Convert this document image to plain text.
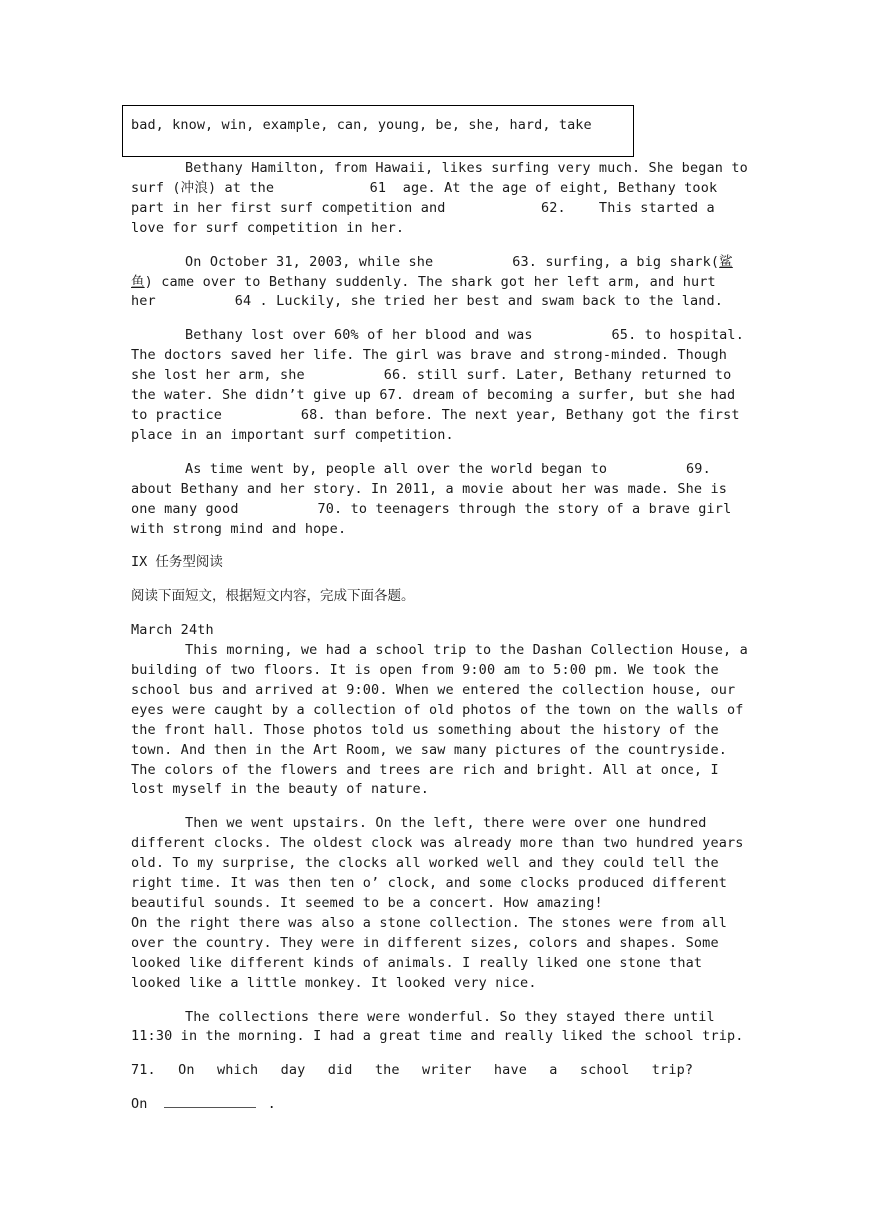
bad, know, win, example, can, young, be, she, hard, take

Bethany Hamilton, from Hawaii, likes surfing very much. She began to surf (冲浪) at the	61 age. At the age of eight, Bethany took part in her first surf competition and	62. This started a love for surf competition in her.

On October 31, 2003, while she	63. surfing, a big shark(鲨鱼) came over to Bethany suddenly. The shark got her left arm, and hurt her	64 . Luckily, she tried her best and swam back to the land.

Bethany lost over 60% of her blood and was	65. to hospital. The doctors saved her life. The girl was brave and strong-minded. Though she lost her arm, she	66. still surf. Later, Bethany returned to the water. She didn’t give up 67. dream of becoming a surfer, but she had to practice	68. than before. The next year, Bethany got the first place in an important surf competition.

As time went by, people all over the world began to	69. about Bethany and her story. In 2011, a movie about her was made. She is one many good	70. to teenagers through the story of a brave girl with strong mind and hope.

IX 任务型阅读

阅读下面短文，根据短文内容，完成下面各题。

March 24th

This morning, we had a school trip to the Dashan Collection House, a building of two floors. It is open from 9:00 am to 5:00 pm. We took the school bus and arrived at 9:00. When we entered the collection house, our eyes were caught by a collection of old photos of the town on the walls of the front hall. Those photos told us something about the history of the town. And then in the Art Room, we saw many pictures of the countryside. The colors of the flowers and trees are rich and bright. All at once, I lost myself in the beauty of nature.

Then we went upstairs. On the left, there were over one hundred different clocks. The oldest clock was already more than two hundred years old. To my surprise, the clocks all worked well and they could tell the right time. It was then ten o’ clock, and some clocks produced different beautiful sounds. It seemed to be a concert. How amazing!

On the right there was also a stone collection. The stones were from all over the country. They were in different sizes, colors and shapes. Some looked like different kinds of animals. I really liked one stone that looked like a little monkey. It looked very nice.

The collections there were wonderful. So they stayed there until 11:30 in the morning. I had a great time and really liked the school trip.

71. On which day did the writer have a school trip?

On	.
